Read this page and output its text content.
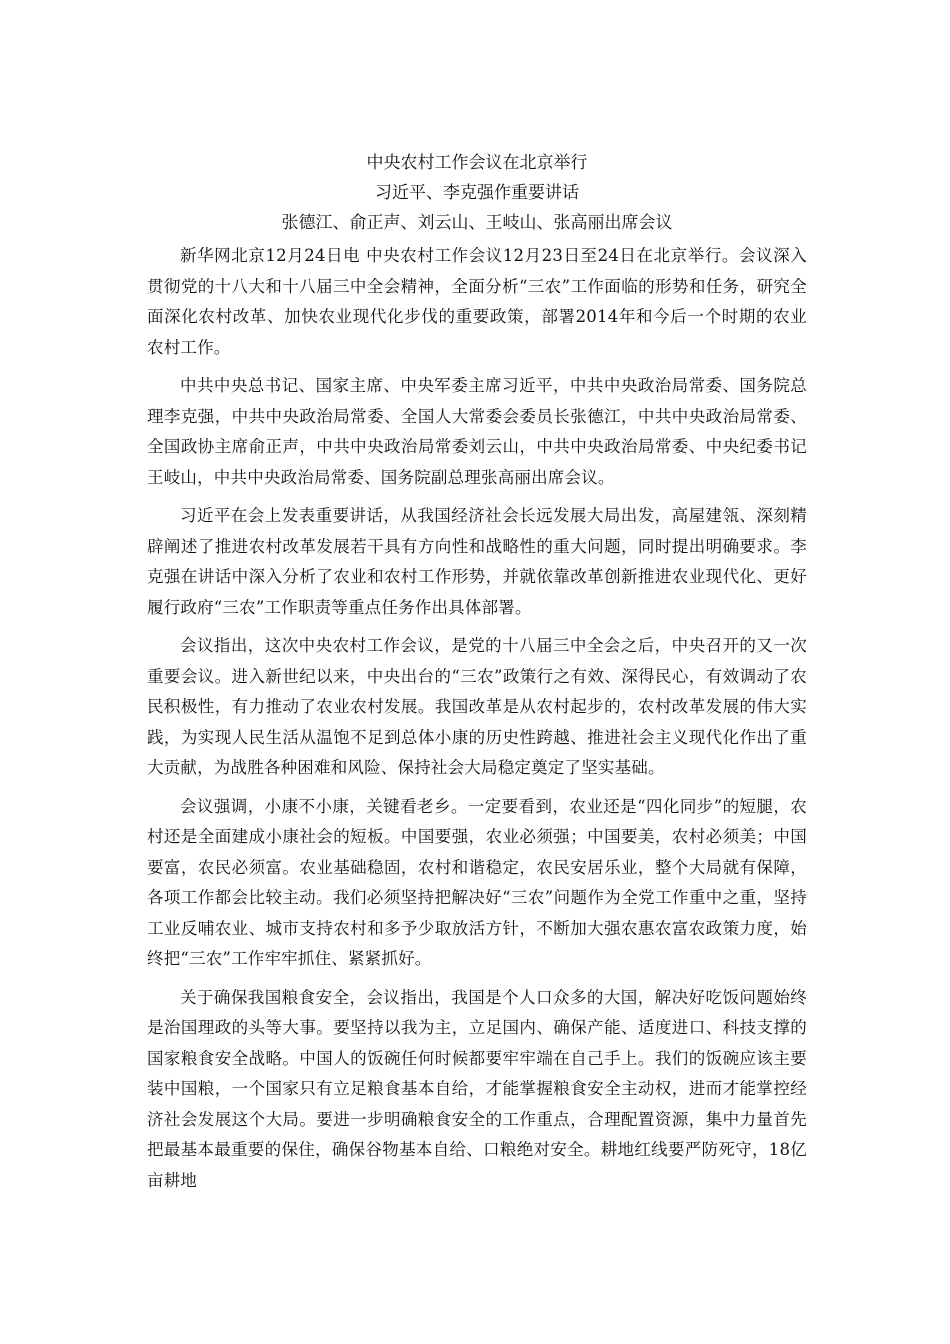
中央农村工作会议在北京举行

习近平、李克强作重要讲话

张德江、俞正声、刘云山、王岐山、张高丽出席会议

新华网北京12月24日电 中央农村工作会议12月23日至24日在北京举行。会议深入贯彻党的十八大和十八届三中全会精神，全面分析“三农”工作面临的形势和任务，研究全面深化农村改革、加快农业现代化步伐的重要政策，部署2014年和今后一个时期的农业农村工作。

中共中央总书记、国家主席、中央军委主席习近平，中共中央政治局常委、国务院总理李克强，中共中央政治局常委、全国人大常委会委员长张德江，中共中央政治局常委、全国政协主席俞正声，中共中央政治局常委刘云山，中共中央政治局常委、中央纪委书记王岐山，中共中央政治局常委、国务院副总理张高丽出席会议。

习近平在会上发表重要讲话，从我国经济社会长远发展大局出发，高屋建瓴、深刻精辟阐述了推进农村改革发展若干具有方向性和战略性的重大问题，同时提出明确要求。李克强在讲话中深入分析了农业和农村工作形势，并就依靠改革创新推进农业现代化、更好履行政府“三农”工作职责等重点任务作出具体部署。

会议指出，这次中央农村工作会议，是党的十八届三中全会之后，中央召开的又一次重要会议。进入新世纪以来，中央出台的“三农”政策行之有效、深得民心，有效调动了农民积极性，有力推动了农业农村发展。我国改革是从农村起步的，农村改革发展的伟大实践，为实现人民生活从温饱不足到总体小康的历史性跨越、推进社会主义现代化作出了重大贡献，为战胜各种困难和风险、保持社会大局稳定奠定了坚实基础。

会议强调，小康不小康，关键看老乡。一定要看到，农业还是“四化同步”的短腿，农村还是全面建成小康社会的短板。中国要强，农业必须强；中国要美，农村必须美；中国要富，农民必须富。农业基础稳固，农村和谐稳定，农民安居乐业，整个大局就有保障，各项工作都会比较主动。我们必须坚持把解决好“三农”问题作为全党工作重中之重，坚持工业反哺农业、城市支持农村和多予少取放活方针，不断加大强农惠农富农政策力度，始终把“三农”工作牢牢抓住、紧紧抓好。

关于确保我国粮食安全，会议指出，我国是个人口众多的大国，解决好吃饭问题始终是治国理政的头等大事。要坚持以我为主，立足国内、确保产能、适度进口、科技支撑的国家粮食安全战略。中国人的饭碗任何时候都要牢牢端在自己手上。我们的饭碗应该主要装中国粮，一个国家只有立足粮食基本自给，才能掌握粮食安全主动权，进而才能掌控经济社会发展这个大局。要进一步明确粮食安全的工作重点，合理配置资源，集中力量首先把最基本最重要的保住，确保谷物基本自给、口粮绝对安全。耕地红线要严防死守，18亿亩耕地
